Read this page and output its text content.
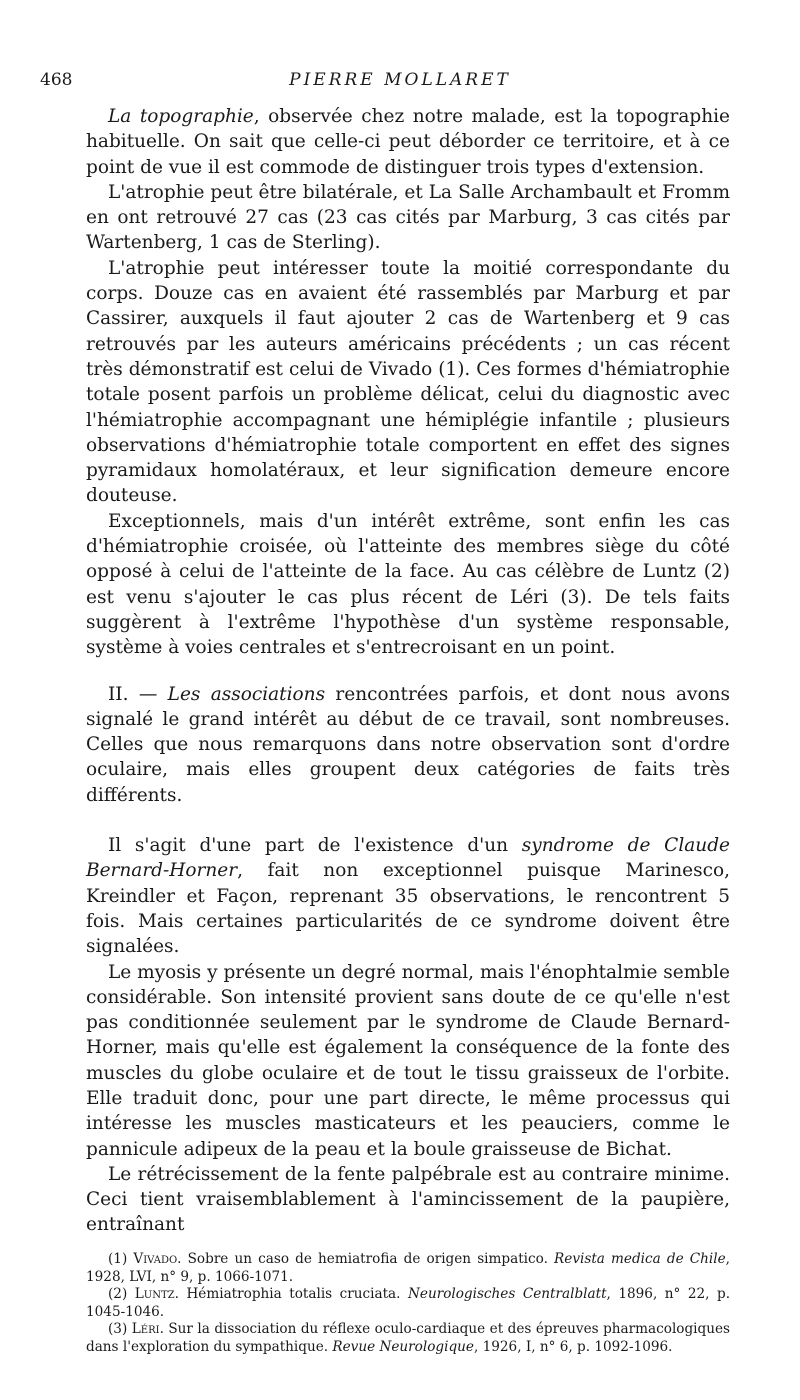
468	PIERRE MOLLARET

La topographie, observée chez notre malade, est la topographie habituelle. On sait que celle-ci peut déborder ce territoire, et à ce point de vue il est commode de distinguer trois types d'extension.

L'atrophie peut être bilatérale, et La Salle Archambault et Fromm en ont retrouvé 27 cas (23 cas cités par Marburg, 3 cas cités par Wartenberg, 1 cas de Sterling).

L'atrophie peut intéresser toute la moitié correspondante du corps. Douze cas en avaient été rassemblés par Marburg et par Cassirer, auxquels il faut ajouter 2 cas de Wartenberg et 9 cas retrouvés par les auteurs américains précédents ; un cas récent très démonstratif est celui de Vivado (1). Ces formes d'hémiatrophie totale posent parfois un problème délicat, celui du diagnostic avec l'hémiatrophie accompagnant une hémiplégie infantile ; plusieurs observations d'hémiatrophie totale comportent en effet des signes pyramidaux homolatéraux, et leur signification demeure encore douteuse.

Exceptionnels, mais d'un intérêt extrême, sont enfin les cas d'hémiatrophie croisée, où l'atteinte des membres siège du côté opposé à celui de l'atteinte de la face. Au cas célèbre de Luntz (2) est venu s'ajouter le cas plus récent de Léri (3). De tels faits suggèrent à l'extrême l'hypothèse d'un système responsable, système à voies centrales et s'entrecroisant en un point.

II. — Les associations rencontrées parfois, et dont nous avons signalé le grand intérêt au début de ce travail, sont nombreuses. Celles que nous remarquons dans notre observation sont d'ordre oculaire, mais elles groupent deux catégories de faits très différents.

Il s'agit d'une part de l'existence d'un syndrome de Claude Bernard-Horner, fait non exceptionnel puisque Marinesco, Kreindler et Façon, reprenant 35 observations, le rencontrent 5 fois. Mais certaines particularités de ce syndrome doivent être signalées.

Le myosis y présente un degré normal, mais l'énophtalmie semble considérable. Son intensité provient sans doute de ce qu'elle n'est pas conditionnée seulement par le syndrome de Claude Bernard-Horner, mais qu'elle est également la conséquence de la fonte des muscles du globe oculaire et de tout le tissu graisseux de l'orbite. Elle traduit donc, pour une part directe, le même processus qui intéresse les muscles masticateurs et les peauciers, comme le pannicule adipeux de la peau et la boule graisseuse de Bichat.

Le rétrécissement de la fente palpébrale est au contraire minime. Ceci tient vraisemblablement à l'amincissement de la paupière, entraînant

(1) Vivado. Sobre un caso de hemiatrofia de origen simpatico. Revista medica de Chile, 1928, LVI, n° 9, p. 1066-1071.

(2) Luntz. Hémiatrophia totalis cruciata. Neurologisches Centralblatt, 1896, n° 22, p. 1045-1046.

(3) Léri. Sur la dissociation du réflexe oculo-cardiaque et des épreuves pharmacologiques dans l'exploration du sympathique. Revue Neurologique, 1926, I, n° 6, p. 1092-1096.
